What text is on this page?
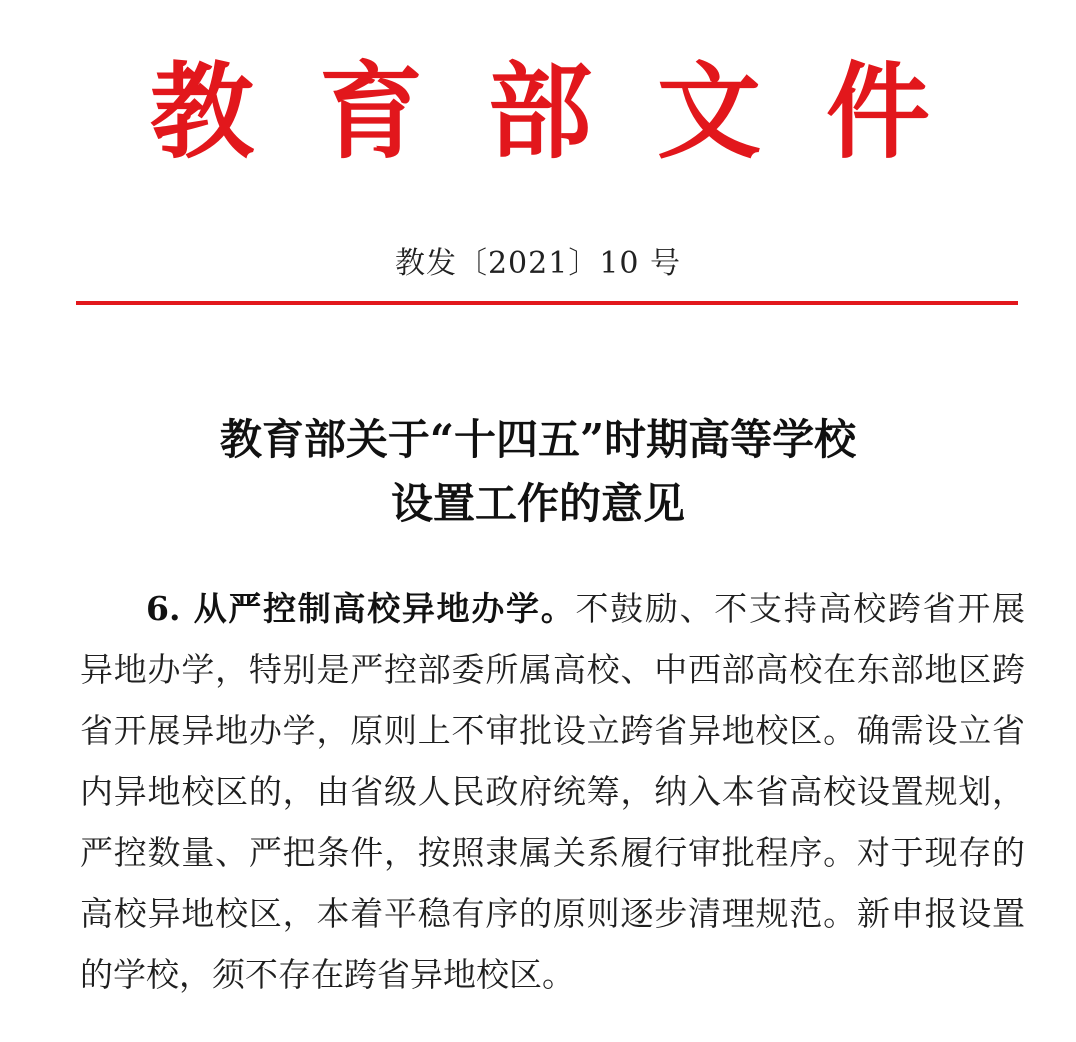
教 育 部 文 件
教发〔2021〕10 号
教育部关于“十四五”时期高等学校
设置工作的意见
6. 从严控制高校异地办学。不鼓励、不支持高校跨省开展
异地办学，特别是严控部委所属高校、中西部高校在东部地区跨
省开展异地办学，原则上不审批设立跨省异地校区。确需设立省
内异地校区的，由省级人民政府统筹，纳入本省高校设置规划，
严控数量、严把条件，按照隶属关系履行审批程序。对于现存的
高校异地校区，本着平稳有序的原则逐步清理规范。新申报设置
的学校，须不存在跨省异地校区。
